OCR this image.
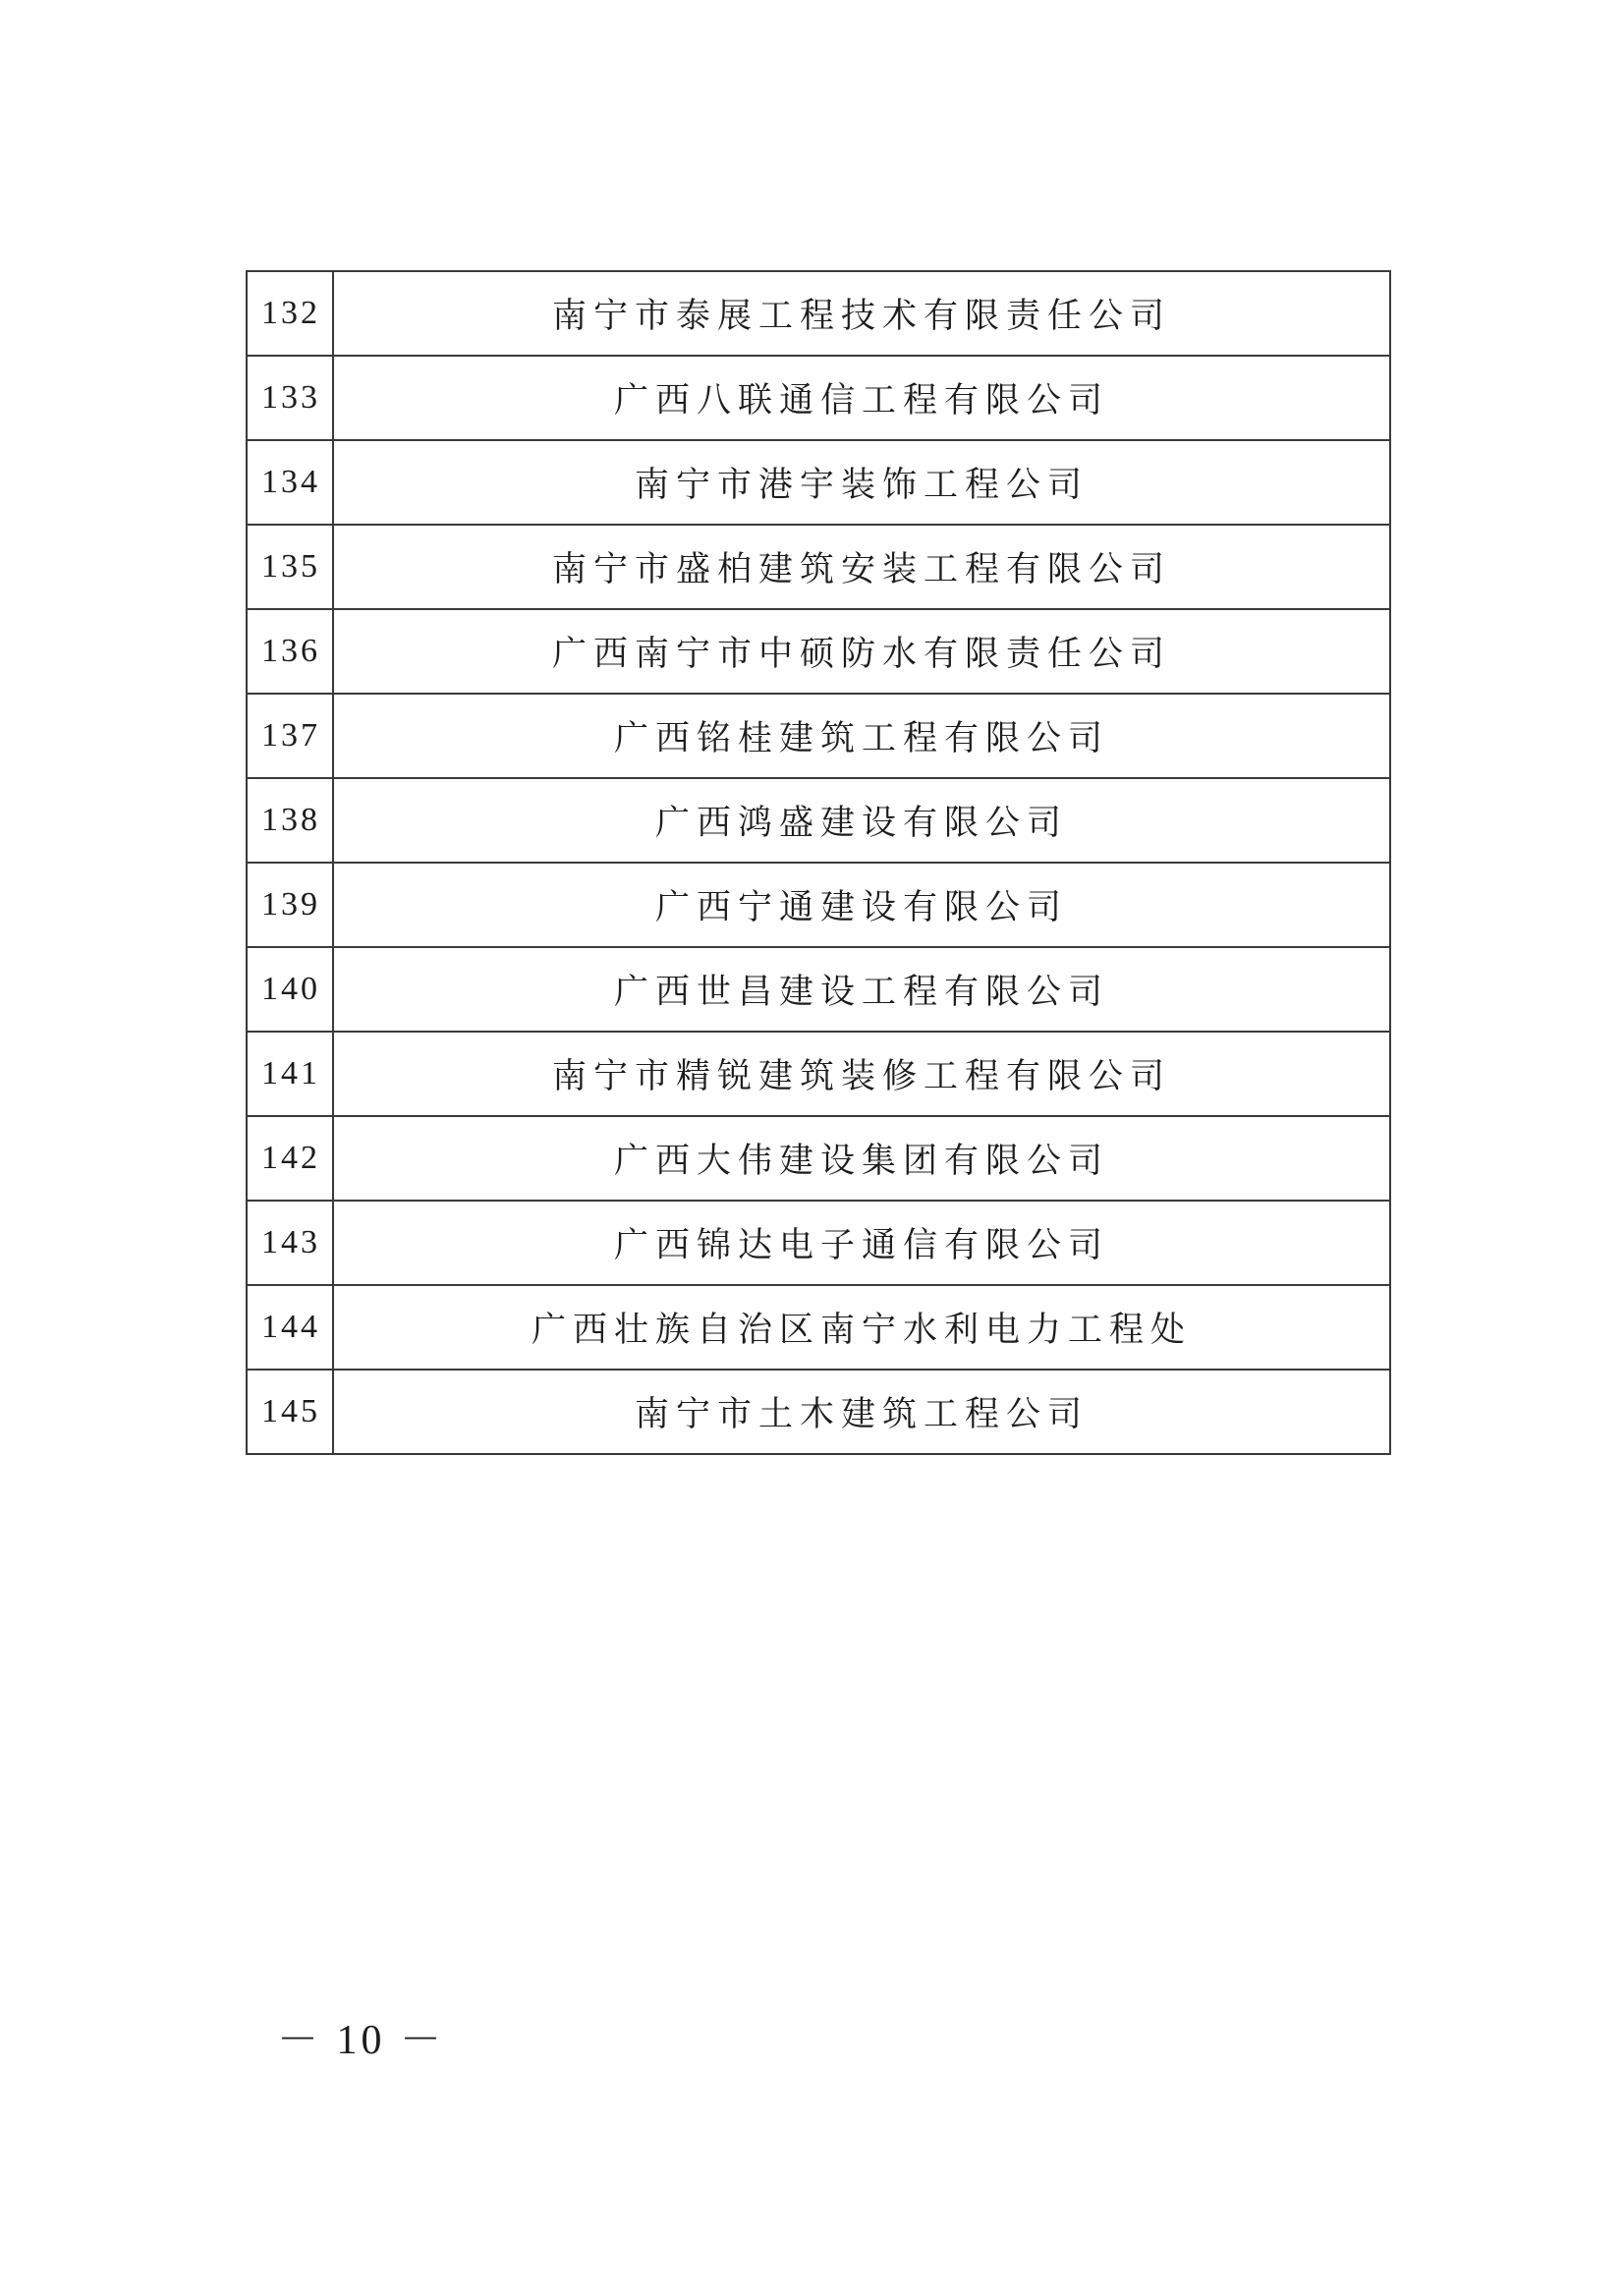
132	南宁市泰展工程技术有限责任公司
133	广西八联通信工程有限公司
134	南宁市港宇装饰工程公司
135	南宁市盛柏建筑安装工程有限公司
136	广西南宁市中硕防水有限责任公司
137	广西铭桂建筑工程有限公司
138	广西鸿盛建设有限公司
139	广西宁通建设有限公司
140	广西世昌建设工程有限公司
141	南宁市精锐建筑装修工程有限公司
142	广西大伟建设集团有限公司
143	广西锦达电子通信有限公司
144	广西壮族自治区南宁水利电力工程处
145	南宁市土木建筑工程公司
－ 10 －
